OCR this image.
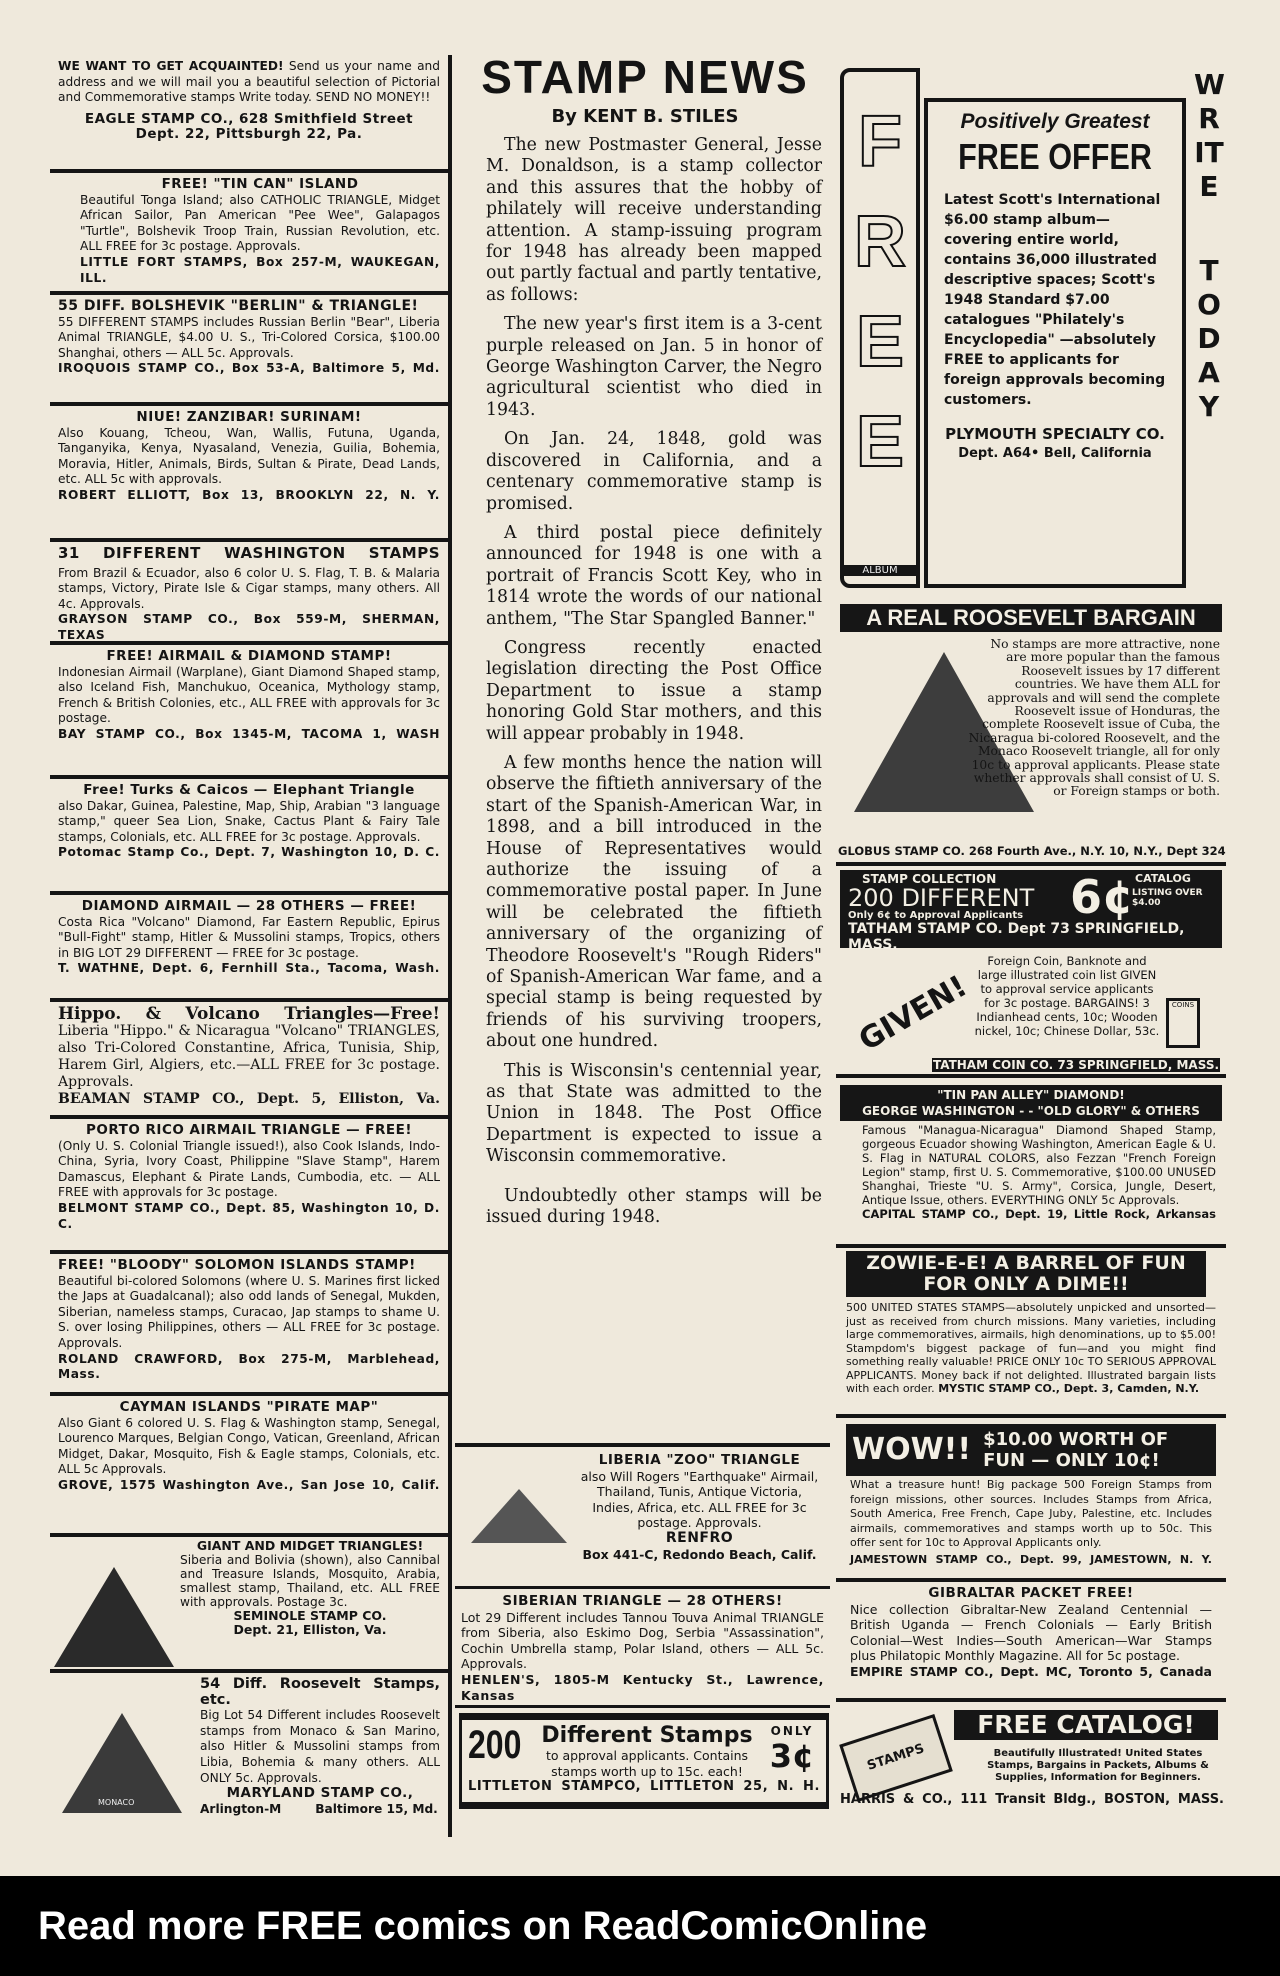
WE WANT TO GET ACQUAINTED! Send us your name and address and we will mail you a beautiful selection of Pictorial and Commemorative stamps Write today. SEND NO MONEY!!

EAGLE STAMP CO., 628 Smithfield Street

Dept. 22, Pittsburgh 22, Pa.

FREE! "TIN CAN" ISLAND

Beautiful Tonga Island; also CATHOLIC TRIANGLE, Midget African Sailor, Pan American "Pee Wee", Galapagos "Turtle", Bolshevik Troop Train, Russian Revolution, etc. ALL FREE for 3c postage. Approvals.

LITTLE FORT STAMPS, Box 257-M, WAUKEGAN, ILL.

55 DIFF. BOLSHEVIK "BERLIN" & TRIANGLE!

55 DIFFERENT STAMPS includes Russian Berlin "Bear", Liberia Animal TRIANGLE, $4.00 U. S., Tri-Colored Corsica, $100.00 Shanghai, others — ALL 5c. Approvals.

IROQUOIS STAMP CO., Box 53-A, Baltimore 5, Md.

NIUE! ZANZIBAR! SURINAM!

Also Kouang, Tcheou, Wan, Wallis, Futuna, Uganda, Tanganyika, Kenya, Nyasaland, Venezia, Guilia, Bohemia, Moravia, Hitler, Animals, Birds, Sultan & Pirate, Dead Lands, etc. ALL 5c with approvals.

ROBERT ELLIOTT, Box 13, BROOKLYN 22, N. Y.

31 DIFFERENT WASHINGTON STAMPS

From Brazil & Ecuador, also 6 color U. S. Flag, T. B. & Malaria stamps, Victory, Pirate Isle & Cigar stamps, many others. All 4c. Approvals.

GRAYSON STAMP CO., Box 559-M, SHERMAN, TEXAS

FREE! AIRMAIL & DIAMOND STAMP!

Indonesian Airmail (Warplane), Giant Diamond Shaped stamp, also Iceland Fish, Manchukuo, Oceanica, Mythology stamp, French & British Colonies, etc., ALL FREE with approvals for 3c postage.

BAY STAMP CO., Box 1345-M, TACOMA 1, WASH

Free! Turks & Caicos — Elephant Triangle

also Dakar, Guinea, Palestine, Map, Ship, Arabian "3 language stamp," queer Sea Lion, Snake, Cactus Plant & Fairy Tale stamps, Colonials, etc. ALL FREE for 3c postage. Approvals.

Potomac Stamp Co., Dept. 7, Washington 10, D. C.

DIAMOND AIRMAIL — 28 OTHERS — FREE!

Costa Rica "Volcano" Diamond, Far Eastern Republic, Epirus "Bull-Fight" stamp, Hitler & Mussolini stamps, Tropics, others in BIG LOT 29 DIFFERENT — FREE for 3c postage.

T. WATHNE, Dept. 6, Fernhill Sta., Tacoma, Wash.

Hippo. & Volcano Triangles—Free!

Liberia "Hippo." & Nicaragua "Volcano" TRIANGLES, also Tri-Colored Constantine, Africa, Tunisia, Ship, Harem Girl, Algiers, etc.—ALL FREE for 3c postage. Approvals.

BEAMAN STAMP CO., Dept. 5, Elliston, Va.

PORTO RICO AIRMAIL TRIANGLE — FREE!

(Only U. S. Colonial Triangle issued!), also Cook Islands, Indo-China, Syria, Ivory Coast, Philippine "Slave Stamp", Harem Damascus, Elephant & Pirate Lands, Cumbodia, etc. — ALL FREE with approvals for 3c postage.

BELMONT STAMP CO., Dept. 85, Washington 10, D. C.

FREE! "BLOODY" SOLOMON ISLANDS STAMP!

Beautiful bi-colored Solomons (where U. S. Marines first licked the Japs at Guadalcanal); also odd lands of Senegal, Mukden, Siberian, nameless stamps, Curacao, Jap stamps to shame U. S. over losing Philippines, others — ALL FREE for 3c postage. Approvals.

ROLAND CRAWFORD, Box 275-M, Marblehead, Mass.

CAYMAN ISLANDS "PIRATE MAP"

Also Giant 6 colored U. S. Flag & Washington stamp, Senegal, Lourenco Marques, Belgian Congo, Vatican, Greenland, African Midget, Dakar, Mosquito, Fish & Eagle stamps, Colonials, etc. ALL 5c Approvals.

GROVE, 1575 Washington Ave., San Jose 10, Calif.

GIANT AND MIDGET TRIANGLES!

Siberia and Bolivia (shown), also Cannibal and Treasure Islands, Mosquito, Arabia, smallest stamp, Thailand, etc. ALL FREE with approvals. Postage 3c.

SEMINOLE STAMP CO.

Dept. 21, Elliston, Va.

MONACO

54 Diff. Roosevelt Stamps, etc.

Big Lot 54 Different includes Roosevelt stamps from Monaco & San Marino, also Hitler & Mussolini stamps from Libia, Bohemia & many others. ALL ONLY 5c. Approvals.

MARYLAND STAMP CO.,

Arlington-M        Baltimore 15, Md.

STAMP NEWS

By KENT B. STILES

The new Postmaster General, Jesse M. Donaldson, is a stamp collector and this assures that the hobby of philately will receive understanding attention. A stamp-issuing program for 1948 has already been mapped out partly factual and partly tentative, as follows:

The new year's first item is a 3-cent purple released on Jan. 5 in honor of George Washington Carver, the Negro agricultural scientist who died in 1943.

On Jan. 24, 1848, gold was discovered in California, and a centenary commemorative stamp is promised.

A third postal piece definitely announced for 1948 is one with a portrait of Francis Scott Key, who in 1814 wrote the words of our national anthem, "The Star Spangled Banner."

Congress recently enacted legislation directing the Post Office Department to issue a stamp honoring Gold Star mothers, and this will appear probably in 1948.

A few months hence the nation will observe the fiftieth anniversary of the start of the Spanish-American War, in 1898, and a bill introduced in the House of Representatives would authorize the issuing of a commemorative postal paper. In June will be celebrated the fiftieth anniversary of the organizing of Theodore Roosevelt's "Rough Riders" of Spanish-American War fame, and a special stamp is being requested by friends of his surviving troopers, about one hundred.

This is Wisconsin's centennial year, as that State was admitted to the Union in 1848. The Post Office Department is expected to issue a Wisconsin commemorative.

Undoubtedly other stamps will be issued during 1948.

LIBERIA "ZOO" TRIANGLE

also Will Rogers "Earthquake" Airmail, Thailand, Tunis, Antique Victoria, Indies, Africa, etc. ALL FREE for 3c postage. Approvals.

RENFRO

Box 441-C, Redondo Beach, Calif.

SIBERIAN TRIANGLE — 28 OTHERS!

Lot 29 Different includes Tannou Touva Animal TRIANGLE from Siberia, also Eskimo Dog, Serbia "Assassination", Cochin Umbrella stamp, Polar Island, others — ALL 5c. Approvals.

HENLEN'S, 1805-M Kentucky St., Lawrence, Kansas

200 Different Stamps

to approval applicants. Contains stamps worth up to 15c. each!

ONLY

3¢

LITTLETON STAMPCO, LITTLETON 25, N. H.

FREE
ALBUM

Positively Greatest

FREE OFFER

Latest Scott's International $6.00 stamp album—covering entire world, contains 36,000 illustrated descriptive spaces; Scott's 1948 Standard $7.00 catalogues "Philately's Encyclopedia" —absolutely FREE to applicants for foreign approvals becoming customers.

PLYMOUTH SPECIALTY CO.

Dept. A64• Bell, California

WRITE

TODAY

A REAL ROOSEVELT BARGAIN

No stamps are more attractive, none are more popular than the famous Roosevelt issues by 17 different countries. We have them ALL for approvals and will send the complete Roosevelt issue of Honduras, the complete Roosevelt issue of Cuba, the Nicaragua bi-colored Roosevelt, and the Monaco Roosevelt triangle, all for only 10c to approval applicants. Please state whether approvals shall consist of U. S. or Foreign stamps or both.

GLOBUS STAMP CO. 268 Fourth Ave., N.Y. 10, N.Y., Dept 324

STAMP COLLECTION

200 DIFFERENT

Only 6¢ to Approval Applicants

TATHAM STAMP CO. Dept 73 SPRINGFIELD, MASS.

6¢ CATALOG

LISTING OVER $4.00

GIVEN!

Foreign Coin, Banknote and large illustrated coin list GIVEN to approval service applicants for 3c postage. BARGAINS! 3 Indianhead cents, 10c; Wooden nickel, 10c; Chinese Dollar, 53c.

COINS

TATHAM COIN CO. 73 SPRINGFIELD, MASS.

"TIN PAN ALLEY" DIAMOND!

GEORGE WASHINGTON - - "OLD GLORY" & OTHERS

Famous "Managua-Nicaragua" Diamond Shaped Stamp, gorgeous Ecuador showing Washington, American Eagle & U. S. Flag in NATURAL COLORS, also Fezzan "French Foreign Legion" stamp, first U. S. Commemorative, $100.00 UNUSED Shanghai, Trieste "U. S. Army", Corsica, Jungle, Desert, Antique Issue, others. EVERYTHING ONLY 5c Approvals.

CAPITAL STAMP CO., Dept. 19, Little Rock, Arkansas

ZOWIE-E-E! A BARREL OF FUN FOR ONLY A DIME!!

500 UNITED STATES STAMPS—absolutely unpicked and unsorted—just as received from church missions. Many varieties, including large commemoratives, airmails, high denominations, up to $5.00! Stampdom's biggest package of fun—and you might find something really valuable! PRICE ONLY 10c TO SERIOUS APPROVAL APPLICANTS. Money back if not delighted. Illustrated bargain lists with each order. MYSTIC STAMP CO., Dept. 3, Camden, N.Y.

WOW!! $10.00 WORTH OF FUN — ONLY 10¢!

What a treasure hunt! Big package 500 Foreign Stamps from foreign missions, other sources. Includes Stamps from Africa, South America, Free French, Cape Juby, Palestine, etc. Includes airmails, commemoratives and stamps worth up to 50c. This offer sent for 10c to Approval Applicants only.

JAMESTOWN STAMP CO., Dept. 99, JAMESTOWN, N. Y.

GIBRALTAR PACKET FREE!

Nice collection Gibraltar-New Zealand Centennial — British Uganda — French Colonials — Early British Colonial—West Indies—South American—War Stamps plus Philatopic Monthly Magazine. All for 5c postage.

EMPIRE STAMP CO., Dept. MC, Toronto 5, Canada

FREE CATALOG!

STAMPS	Beautifully Illustrated! United States Stamps, Bargains in Packets, Albums & Supplies, Information for Beginners.

HARRIS & CO., 111 Transit Bldg., BOSTON, MASS.

Read more FREE comics on ReadComicOnline
